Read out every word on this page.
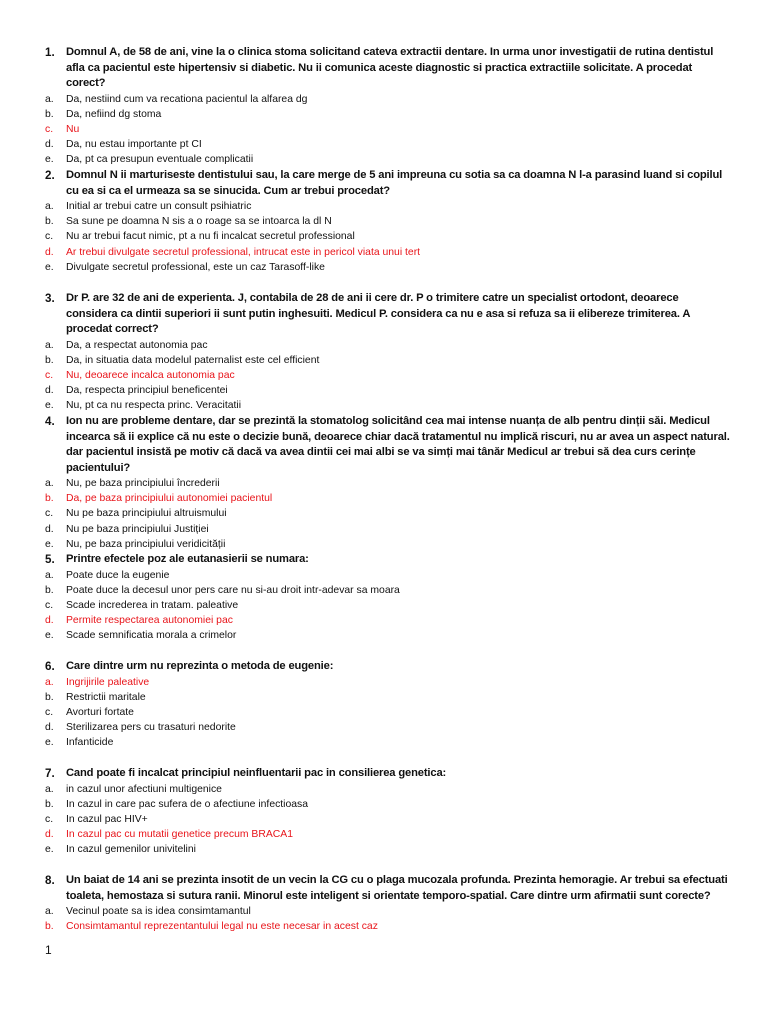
1.	Domnul A, de 58 de ani, vine la o clinica stoma solicitand cateva extractii dentare. In urma unor investigatii de rutina dentistul afla ca pacientul este hipertensiv si diabetic. Nu ii comunica aceste diagnostic si practica extractiile solicitate. A procedat corect?
a.	Da, nestiind cum va recationa pacientul la alfarea dg
b.	Da, nefiind dg stoma
c.	Nu
d.	Da, nu estau importante pt CI
e.	Da, pt ca presupun eventuale complicatii
2.	Domnul N ii marturiseste dentistului sau, la care merge de 5 ani impreuna cu sotia sa ca doamna N l-a parasind luand si copilul cu ea si ca el urmeaza sa se sinucida. Cum ar trebui procedat?
a.	Initial ar trebui catre un consult psihiatric
b.	Sa sune pe doamna N sis a o roage sa se intoarca la dl N
c.	Nu ar trebui facut nimic, pt a nu fi incalcat secretul professional
d.	Ar trebui divulgate secretul professional, intrucat este in pericol viata unui tert
e.	Divulgate secretul professional, este un caz Tarasoff-like
3.	Dr P. are 32 de ani de experienta. J, contabila de 28 de ani ii cere dr. P o trimitere catre un specialist ortodont, deoarece considera ca dintii superiori ii sunt putin inghesuiti. Medicul P. considera ca nu e asa si refuza sa ii elibereze trimiterea. A procedat correct?
a.	Da, a respectat autonomia pac
b.	Da, in situatia data modelul paternalist este cel efficient
c.	Nu, deoarece incalca autonomia pac
d.	Da, respecta principiul beneficentei
e.	Nu, pt ca nu respecta princ. Veracitatii
4.	Ion nu are probleme dentare, dar se prezintă la stomatolog solicitând cea mai intense nuanța de alb pentru dinții săi. Medicul incearca să ii explice că nu este o decizie bună, deoarece chiar dacă tratamentul nu implică riscuri, nu ar avea un aspect natural. dar pacientul insistă pe motiv că dacă va avea dintii cei mai albi se va simți mai tânăr Medicul ar trebui să dea curs cerințe pacientului?
a.	Nu, pe baza principiului încrederii
b.	Da, pe baza principiului autonomiei pacientul
c.	Nu pe baza principiului altruismului
d.	Nu pe baza principiului Justiției
e.	Nu, pe baza principiului veridicității
5.	Printre efectele poz ale eutanasierii se numara:
a.	Poate duce la eugenie
b.	Poate duce la decesul unor pers care nu si-au droit intr-adevar sa moara
c.	Scade increderea in tratam. paleative
d.	Permite respectarea autonomiei pac
e.	Scade semnificatia morala a crimelor
6.	Care dintre urm nu reprezinta o metoda de eugenie:
a.	Ingrijirile paleative
b.	Restrictii maritale
c.	Avorturi fortate
d.	Sterilizarea pers cu trasaturi nedorite
e.	Infanticide
7.	Cand poate fi incalcat principiul neinfluentarii pac in consilierea genetica:
a.	in cazul unor afectiuni multigenice
b.	In cazul in care pac sufera de o afectiune infectioasa
c.	In cazul pac HIV+
d.	In cazul pac cu mutatii genetice precum BRACA1
e.	In cazul gemenilor univitelini
8.	Un baiat de 14 ani se prezinta insotit de un vecin la CG cu o plaga mucozala profunda. Prezinta hemoragie. Ar trebui sa efectuati toaleta, hemostaza si sutura ranii. Minorul este inteligent si orientate temporo-spatial. Care dintre urm afirmatii sunt corecte?
a.	Vecinul poate sa is idea consimtamantul
b.	Consimtamantul reprezentantului legal nu este necesar in acest caz
1
